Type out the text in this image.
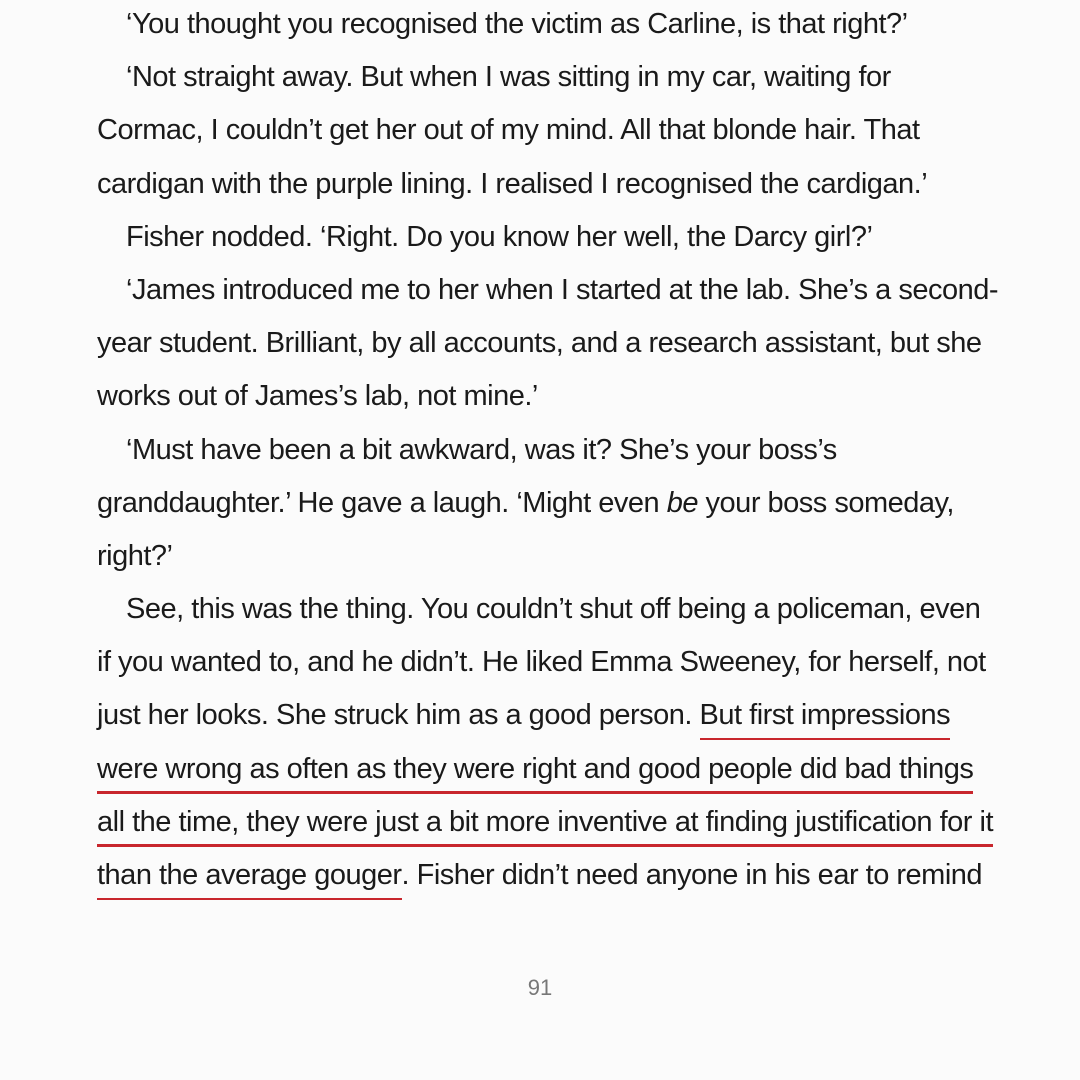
‘You thought you recognised the victim as Carline, is that right?’
‘Not straight away. But when I was sitting in my car, waiting for
Cormac, I couldn’t get her out of my mind. All that blonde hair. That
cardigan with the purple lining. I realised I recognised the cardigan.’
Fisher nodded. ‘Right. Do you know her well, the Darcy girl?’
‘James introduced me to her when I started at the lab. She’s a second-
year student. Brilliant, by all accounts, and a research assistant, but she
works out of James’s lab, not mine.’
‘Must have been a bit awkward, was it? She’s your boss’s
granddaughter.’ He gave a laugh. ‘Might even be your boss someday,
right?’
See, this was the thing. You couldn’t shut off being a policeman, even
if you wanted to, and he didn’t. He liked Emma Sweeney, for herself, not
just her looks. She struck him as a good person. But first impressions
were wrong as often as they were right and good people did bad things
all the time, they were just a bit more inventive at finding justification for it
than the average gouger. Fisher didn’t need anyone in his ear to remind
91
